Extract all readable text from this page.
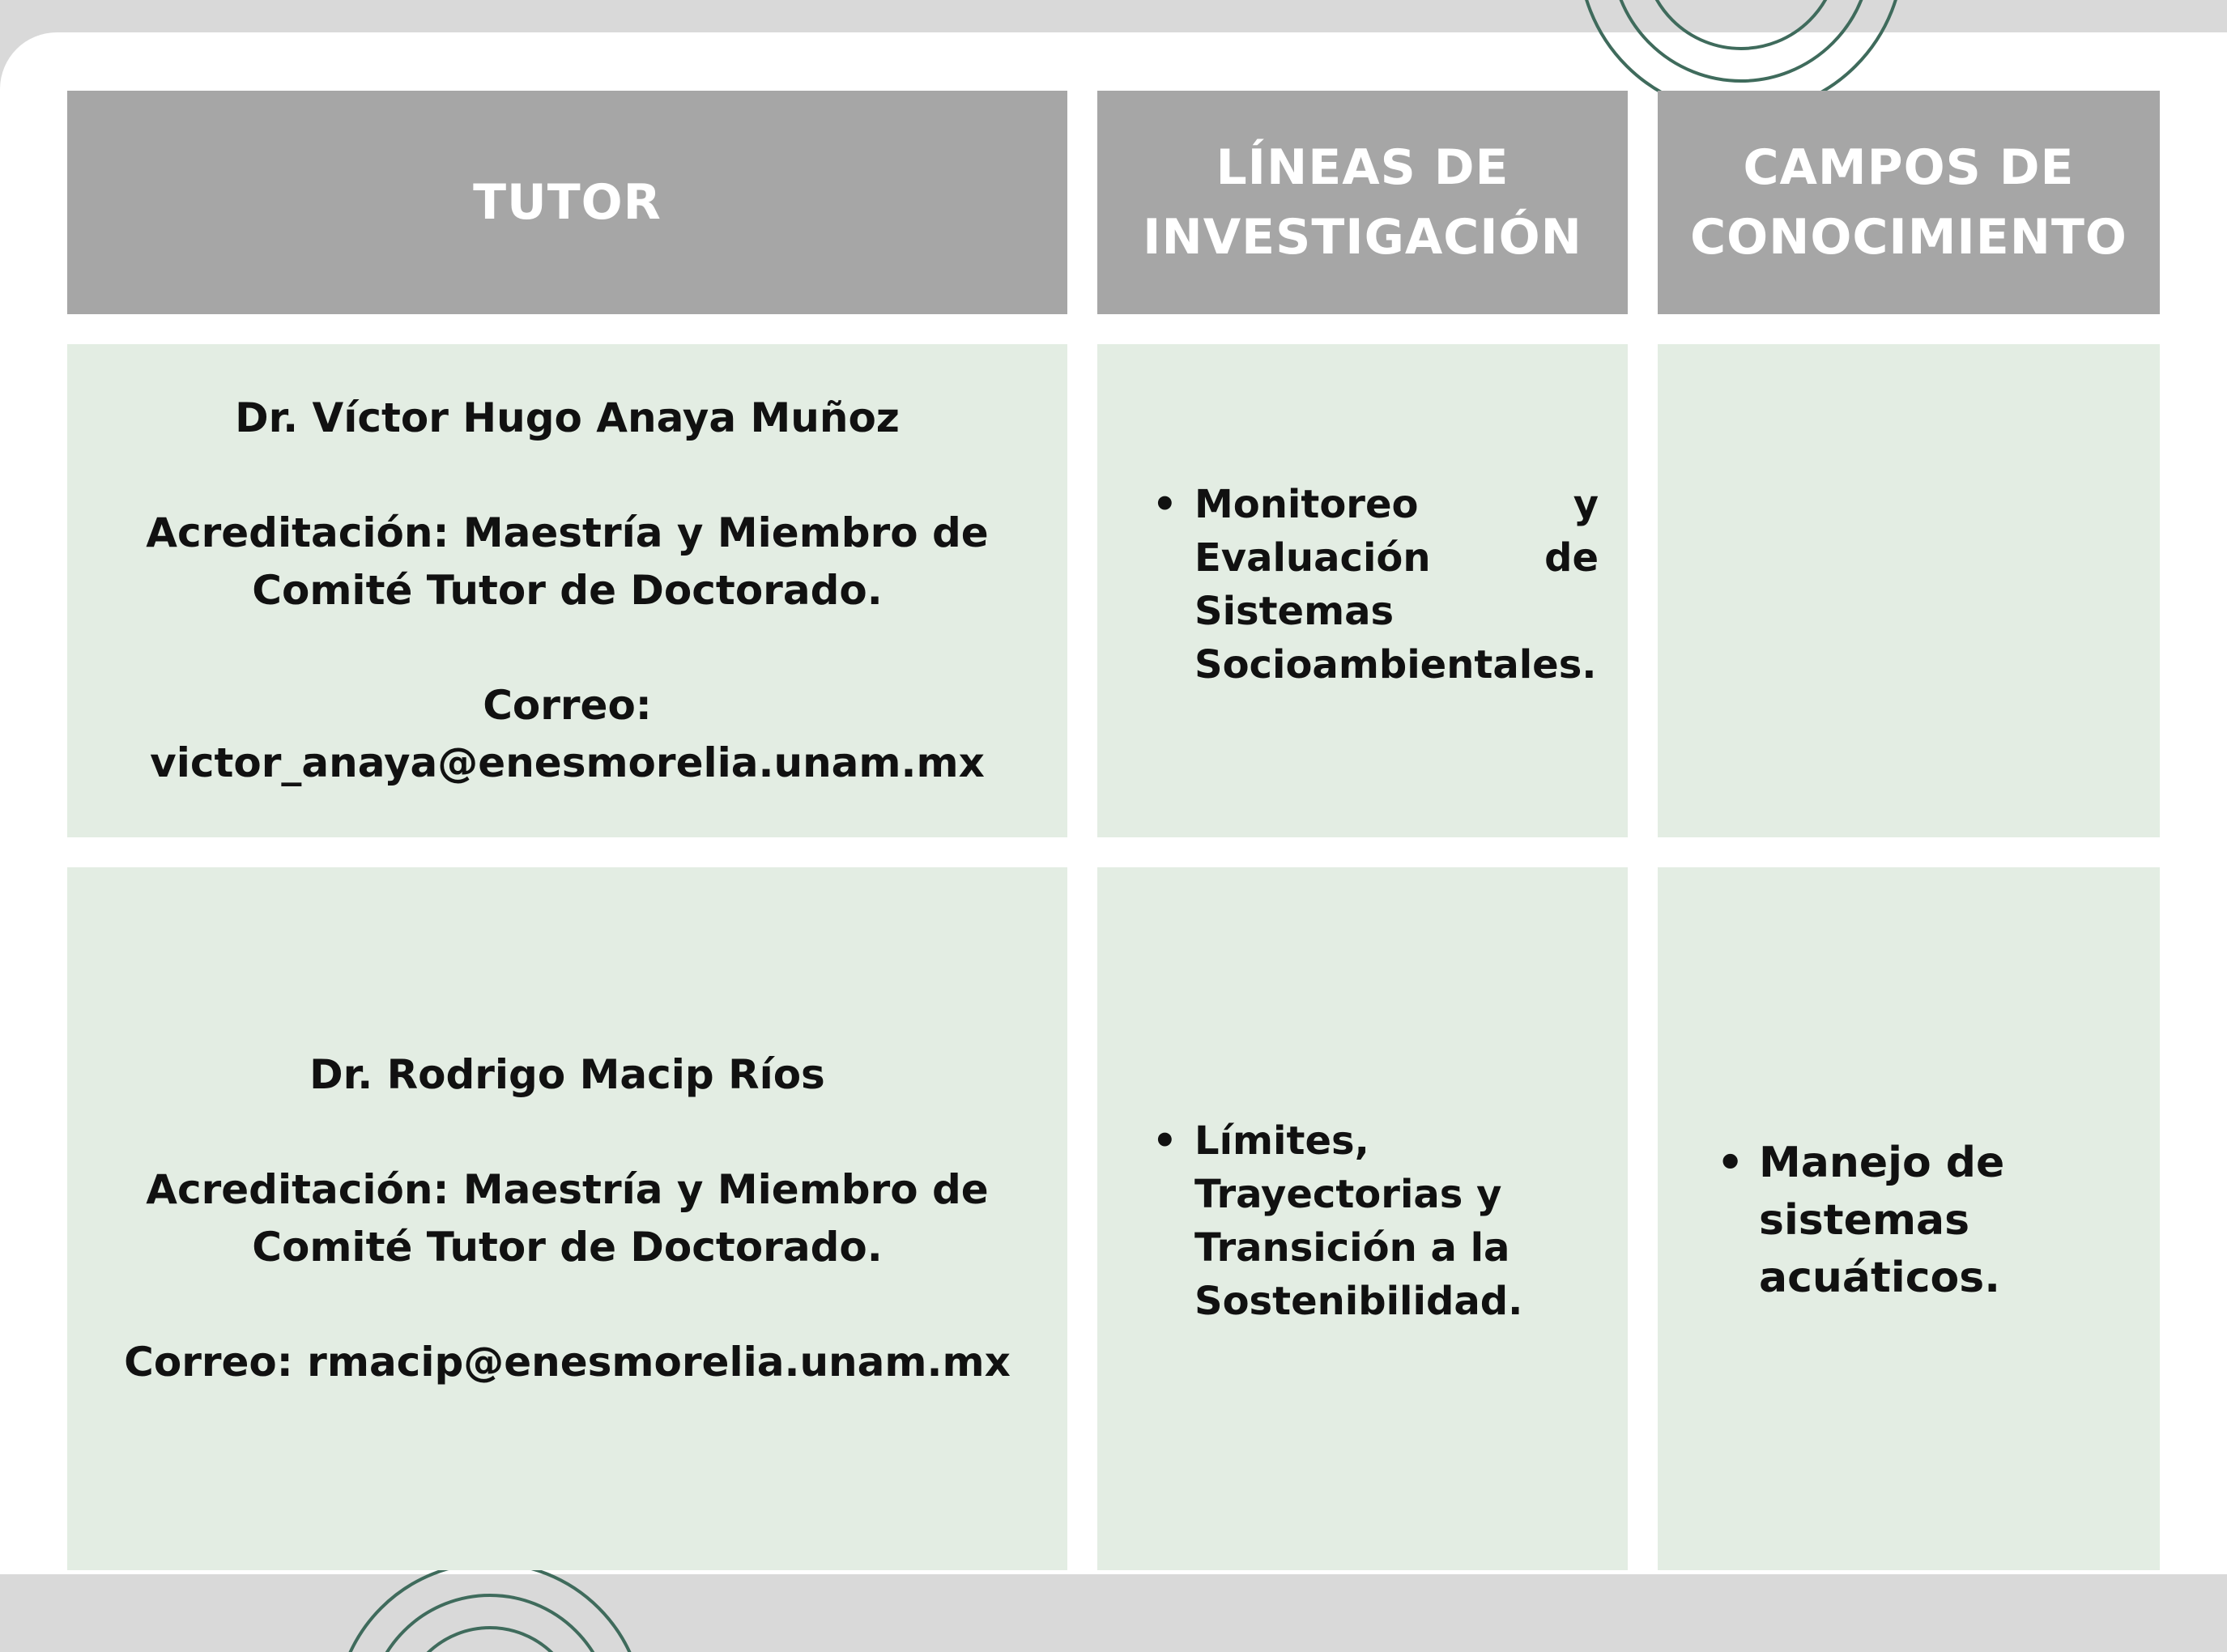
TUTOR
LÍNEAS DE
INVESTIGACIÓN
CAMPOS DE
CONOCIMIENTO

Dr. Víctor Hugo Anaya Muñoz

Acreditación: Maestría y Miembro de

Comité Tutor de Doctorado.

Correo:

victor_anaya@enesmorelia.unam.mx

• Monitoreo y Evaluación de Sistemas Socioambientales.

Dr. Rodrigo Macip Ríos

Acreditación: Maestría y Miembro de

Comité Tutor de Doctorado.

Correo: rmacip@enesmorelia.unam.mx

• Límites, Trayectorias y Transición a la Sostenibilidad.
• Manejo de sistemas acuáticos.
